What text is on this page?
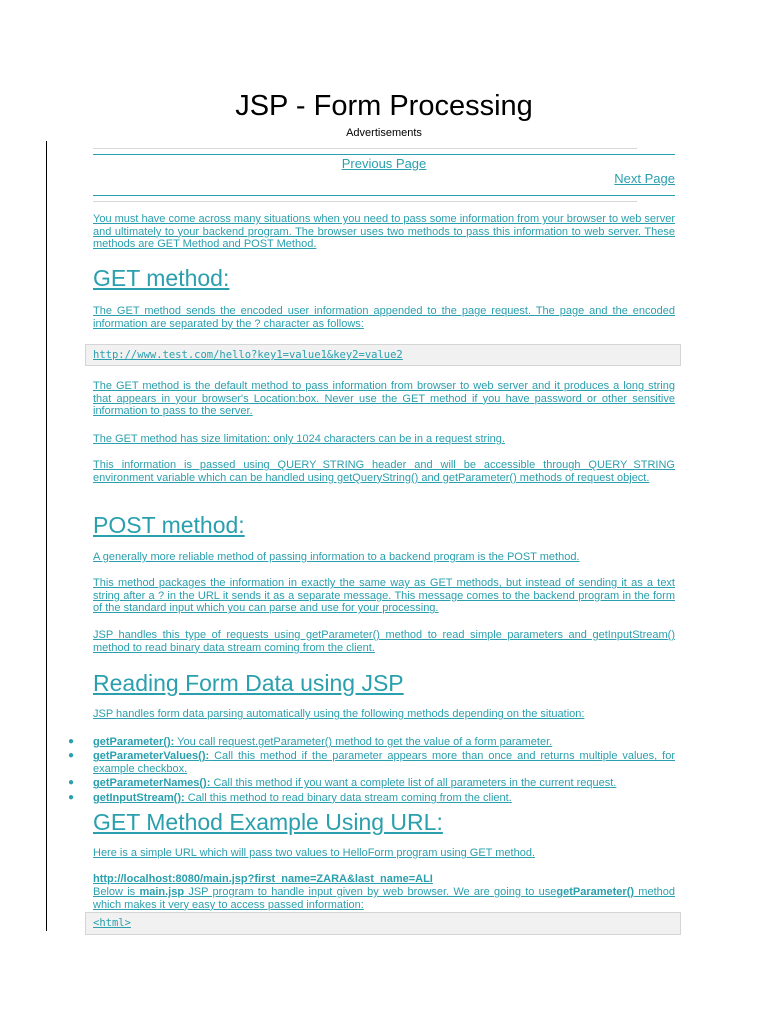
JSP - Form Processing
Advertisements
Previous Page
Next Page

You must have come across many situations when you need to pass some information from your browser to web server and ultimately to your backend program. The browser uses two methods to pass this information to web server. These methods are GET Method and POST Method.

GET method:

The GET method sends the encoded user information appended to the page request. The page and the encoded information are separated by the ? character as follows:

http://www.test.com/hello?key1=value1&key2=value2

The GET method is the default method to pass information from browser to web server and it produces a long string that appears in your browser's Location:box. Never use the GET method if you have password or other sensitive information to pass to the server.

The GET method has size limitation: only 1024 characters can be in a request string.

This information is passed using QUERY_STRING header and will be accessible through QUERY_STRING environment variable which can be handled using getQueryString() and getParameter() methods of request object.

POST method:

A generally more reliable method of passing information to a backend program is the POST method.

This method packages the information in exactly the same way as GET methods, but instead of sending it as a text string after a ? in the URL it sends it as a separate message. This message comes to the backend program in the form of the standard input which you can parse and use for your processing.

JSP handles this type of requests using getParameter() method to read simple parameters and getInputStream() method to read binary data stream coming from the client.

Reading Form Data using JSP

JSP handles form data parsing automatically using the following methods depending on the situation:

● getParameter(): You call request.getParameter() method to get the value of a form parameter.
● getParameterValues(): Call this method if the parameter appears more than once and returns multiple values, for example checkbox.
● getParameterNames(): Call this method if you want a complete list of all parameters in the current request.
● getInputStream(): Call this method to read binary data stream coming from the client.
GET Method Example Using URL:

Here is a simple URL which will pass two values to HelloForm program using GET method.

http://localhost:8080/main.jsp?first_name=ZARA&last_name=ALI

Below is main.jsp JSP program to handle input given by web browser. We are going to usegetParameter() method which makes it very easy to access passed information:

<html>
